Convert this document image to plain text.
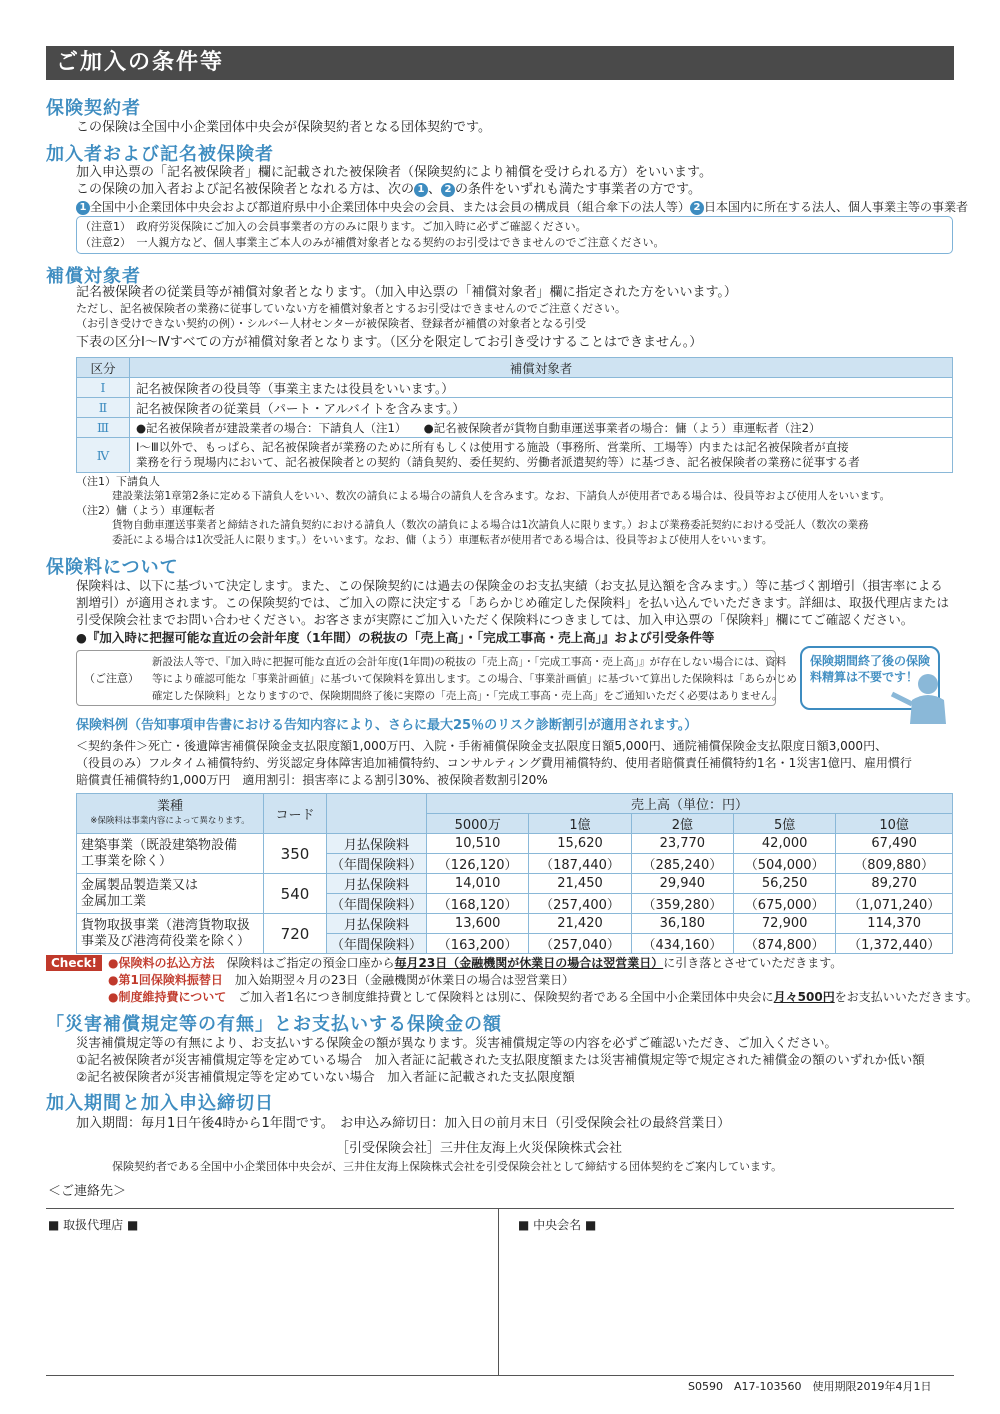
ご加入の条件等
保険契約者
この保険は全国中小企業団体中央会が保険契約者となる団体契約です。
加入者および記名被保険者
加入申込票の「記名被保険者」欄に記載された被保険者（保険契約により補償を受けられる方）をいいます。
この保険の加入者および記名被保険者となれる方は、次の 1 、 2 の条件をいずれも満たす事業者の方です。
1 全国中小企業団体中央会および都道府県中小企業団体中央会の会員、または会員の構成員（組合傘下の法人等） 2 日本国内に所在する法人、個人事業主等の事業者
（注意1）　政府労災保険にご加入の会員事業者の方のみに限ります。ご加入時に必ずご確認ください。
（注意2）　一人親方など、個人事業主ご本人のみが補償対象者となる契約のお引受はできませんのでご注意ください。
補償対象者
記名被保険者の従業員等が補償対象者となります。（加入申込票の「補償対象者」欄に指定された方をいいます。）
ただし、記名被保険者の業務に従事していない方を補償対象者とするお引受はできませんのでご注意ください。
（お引き受けできない契約の例）・シルバー人材センターが被保険者、登録者が補償の対象者となる引受
下表の区分Ⅰ～Ⅳすべての方が補償対象者となります。（区分を限定してお引き受けすることはできません。）
区分	補償対象者
Ⅰ	記名被保険者の役員等（事業主または役員をいいます。）
Ⅱ	記名被保険者の従業員（パート・アルバイトを含みます。）
Ⅲ	●記名被保険者が建設業者の場合：下請負人（注1）　　●記名被保険者が貨物自動車運送事業者の場合：傭（よう）車運転者（注2）
Ⅳ	Ⅰ～Ⅲ以外で、もっぱら、記名被保険者が業務のために所有もしくは使用する施設（事務所、営業所、工場等）内または記名被保険者が直接
業務を行う現場内において、記名被保険者との契約（請負契約、委任契約、労働者派遣契約等）に基づき、記名被保険者の業務に従事する者
（注1）下請負人
建設業法第1章第2条に定める下請負人をいい、数次の請負による場合の請負人を含みます。なお、下請負人が使用者である場合は、役員等および使用人をいいます。
（注2）傭（よう）車運転者
貨物自動車運送事業者と締結された請負契約における請負人（数次の請負による場合は1次請負人に限ります。）および業務委託契約における受託人（数次の業務
委託による場合は1次受託人に限ります。）をいいます。なお、傭（よう）車運転者が使用者である場合は、役員等および使用人をいいます。
保険料について
保険料は、以下に基づいて決定します。また、この保険契約には過去の保険金のお支払実績（お支払見込額を含みます。）等に基づく割増引（損害率による
割増引）が適用されます。この保険契約では、ご加入の際に決定する「あらかじめ確定した保険料」を払い込んでいただきます。詳細は、取扱代理店または
引受保険会社までお問い合わせください。お客さまが実際にご加入いただく保険料につきましては、加入申込票の「保険料」欄にてご確認ください。
●『加入時に把握可能な直近の会計年度（1年間）の税抜の「売上高」・「完成工事高・売上高」』および引受条件等
（ご注意）
新設法人等で、『加入時に把握可能な直近の会計年度(1年間)の税抜の「売上高」・「完成工事高・売上高」』が存在しない場合には、資料
等により確認可能な「事業計画値」に基づいて保険料を算出します。この場合、「事業計画値」に基づいて算出した保険料は「あらかじめ
確定した保険料」となりますので、保険期間終了後に実際の「売上高」・「完成工事高・売上高」をご通知いただく必要はありません。
保険期間終了後の保険料精算は不要です！
保険料例（告知事項申告書における告知内容により、さらに最大25％のリスク診断割引が適用されます。）
＜契約条件＞死亡・後遺障害補償保険金支払限度額1,000万円、入院・手術補償保険金支払限度日額5,000円、通院補償保険金支払限度日額3,000円、
（役員のみ）フルタイム補償特約、労災認定身体障害追加補償特約、コンサルティング費用補償特約、使用者賠償責任補償特約1名・1災害1億円、雇用慣行
賠償責任補償特約1,000万円　適用割引：損害率による割引30%、被保険者数割引20%
業種
※保険料は事業内容によって異なります。	コード		売上高（単位：円）				
			5000万	1億	2億	5億	10億

建築事業（既設建築物設備
工事業を除く）	350	月払保険料	10,510	15,620	23,770	42,000	67,490
		（年間保険料）	（126,120）	（187,440）	（285,240）	（504,000）	（809,880）

金属製品製造業又は
金属加工業	540	月払保険料	14,010	21,450	29,940	56,250	89,270
		（年間保険料）	（168,120）	（257,400）	（359,280）	（675,000）	（1,071,240）

貨物取扱事業（港湾貨物取扱
事業及び港湾荷役業を除く）	720	月払保険料	13,600	21,420	36,180	72,900	114,370
		（年間保険料）	（163,200）	（257,040）	（434,160）	（874,800）	（1,372,440）
Check! ●保険料の払込方法　 保険料はご指定の預金口座から毎月23日（金融機関が休業日の場合は翌営業日）に引き落とさせていただきます。
●第1回保険料振替日　 加入始期翌々月の23日（金融機関が休業日の場合は翌営業日）
●制度維持費について　 ご加入者1名につき制度維持費として保険料とは別に、保険契約者である全国中小企業団体中央会に月々500円をお支払いいただきます。
「災害補償規定等の有無」とお支払いする保険金の額
災害補償規定等の有無により、お支払いする保険金の額が異なります。災害補償規定等の内容を必ずご確認いただき、ご加入ください。
①記名被保険者が災害補償規定等を定めている場合　加入者証に記載された支払限度額または災害補償規定等で規定された補償金の額のいずれか低い額
②記名被保険者が災害補償規定等を定めていない場合　加入者証に記載された支払限度額
加入期間と加入申込締切日
加入期間：毎月1日午後4時から1年間です。　お申込み締切日：加入日の前月末日（引受保険会社の最終営業日）
［引受保険会社］三井住友海上火災保険株式会社
保険契約者である全国中小企業団体中央会が、三井住友海上保険株式会社を引受保険会社として締結する団体契約をご案内しています。
＜ご連絡先＞
■ 取扱代理店 ■	■ 中央会名 ■
S0590　A17-103560　使用期限2019年4月1日
